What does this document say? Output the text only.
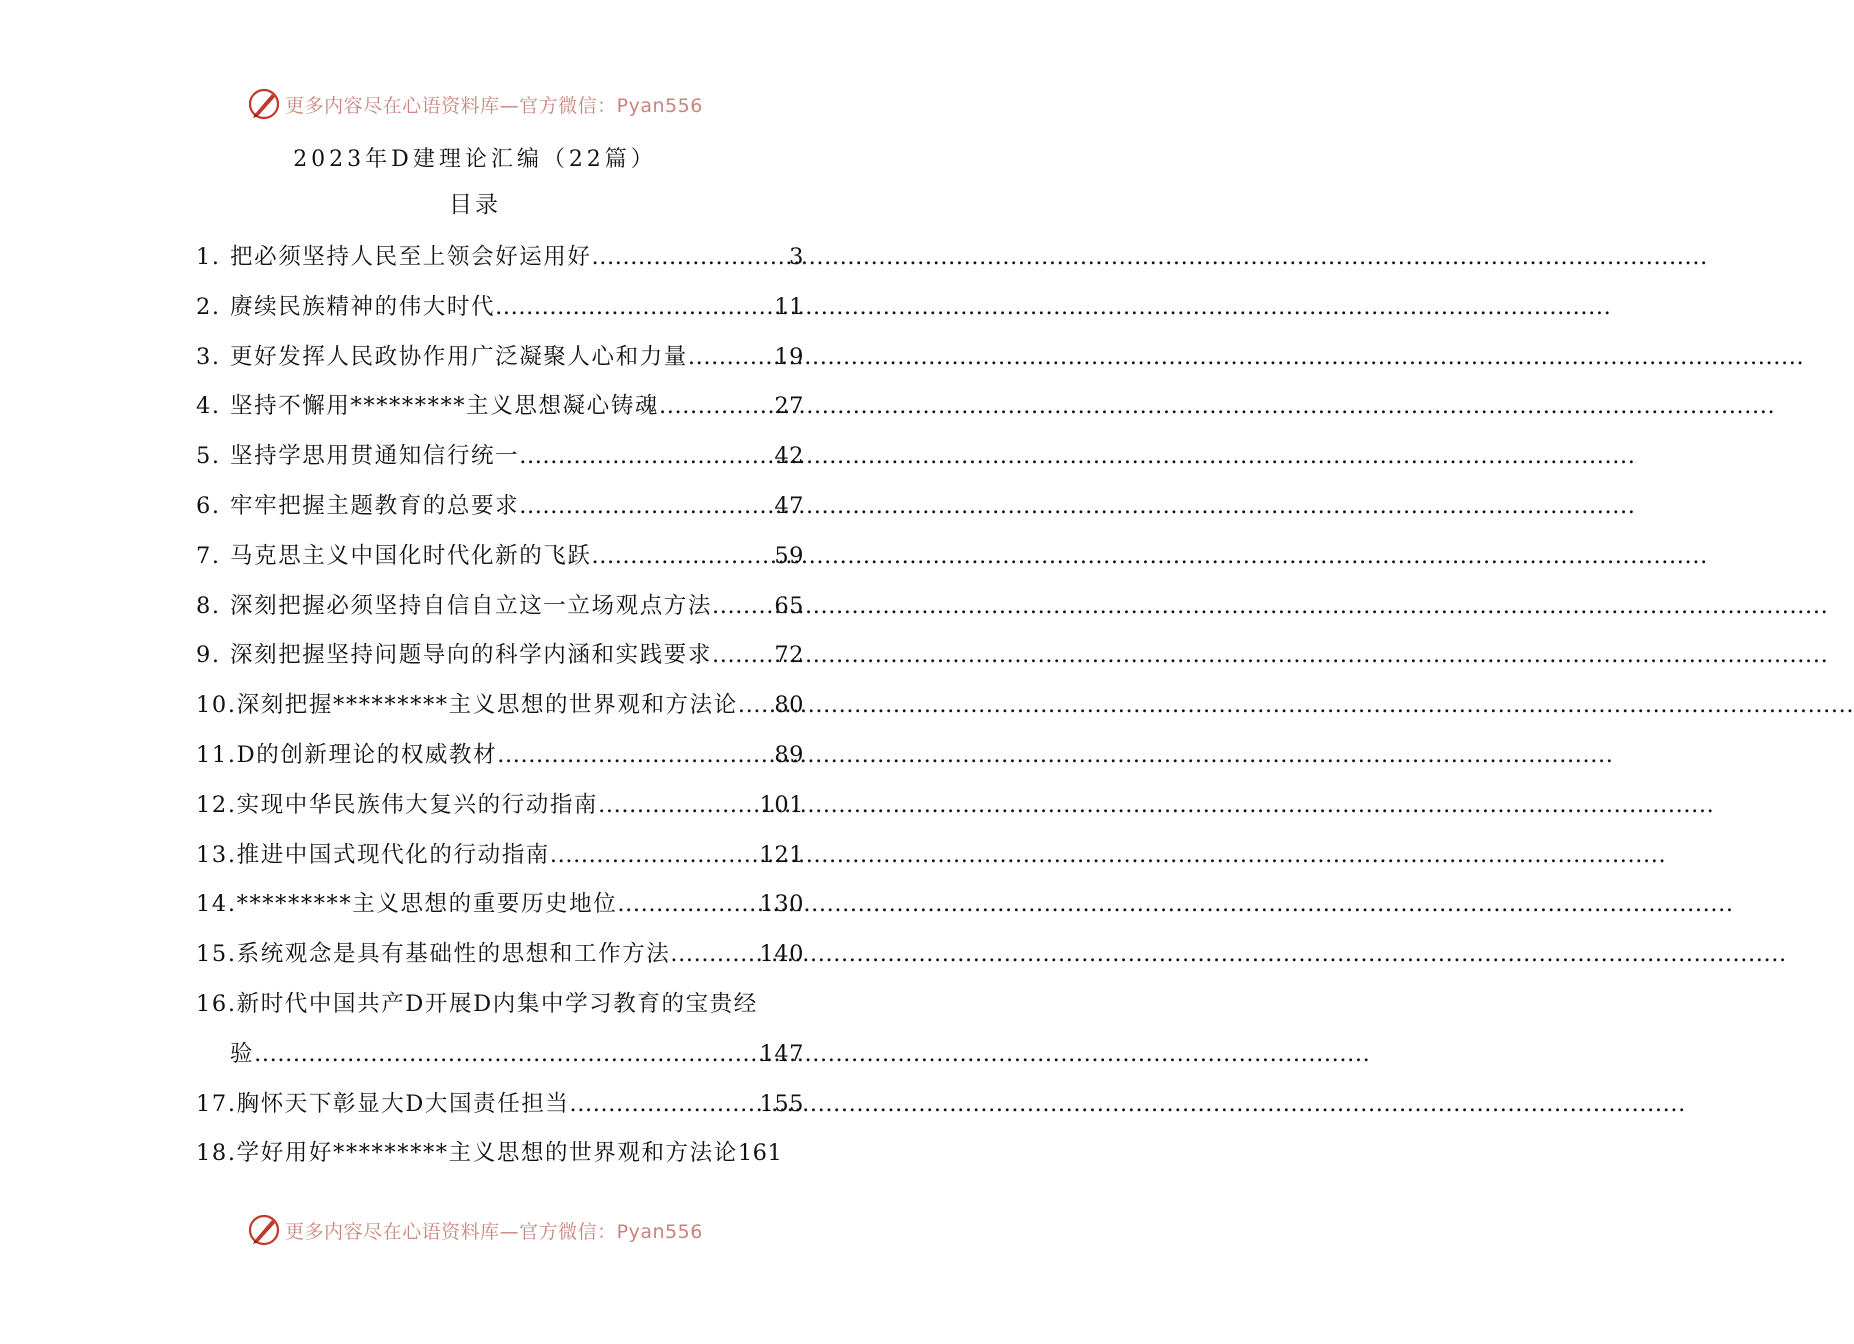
更多内容尽在心语资料库—官方微信：Pyan556
2023年D建理论汇编（22篇）
目录
1. 把必须坚持人民至上领会好运用好 .....	3
2. 赓续民族精神的伟大时代 .....	11
3. 更好发挥人民政协作用广泛凝聚人心和力量 .....	19
4. 坚持不懈用*********主义思想凝心铸魂 .....	27
5. 坚持学思用贯通知信行统一 .....	42
6. 牢牢把握主题教育的总要求 .....	47
7. 马克思主义中国化时代化新的飞跃 .....	59
8. 深刻把握必须坚持自信自立这一立场观点方法 .....	65
9. 深刻把握坚持问题导向的科学内涵和实践要求 .....	72
10. 深刻把握*********主义思想的世界观和方法论 ..... 80
11. D的创新理论的权威教材 .....	89
12. 实现中华民族伟大复兴的行动指南 .....	101
13. 推进中国式现代化的行动指南 .....	121
14. *********主义思想的重要历史地位 .....	130
15. 系统观念是具有基础性的思想和工作方法 .....	140
16. 新时代中国共产D开展D内集中学习教育的宝贵经
验 .....	147
17. 胸怀天下彰显大D大国责任担当 .....	155
18. 学好用好*********主义思想的世界观和方法论 161
更多内容尽在心语资料库—官方微信：Pyan556
